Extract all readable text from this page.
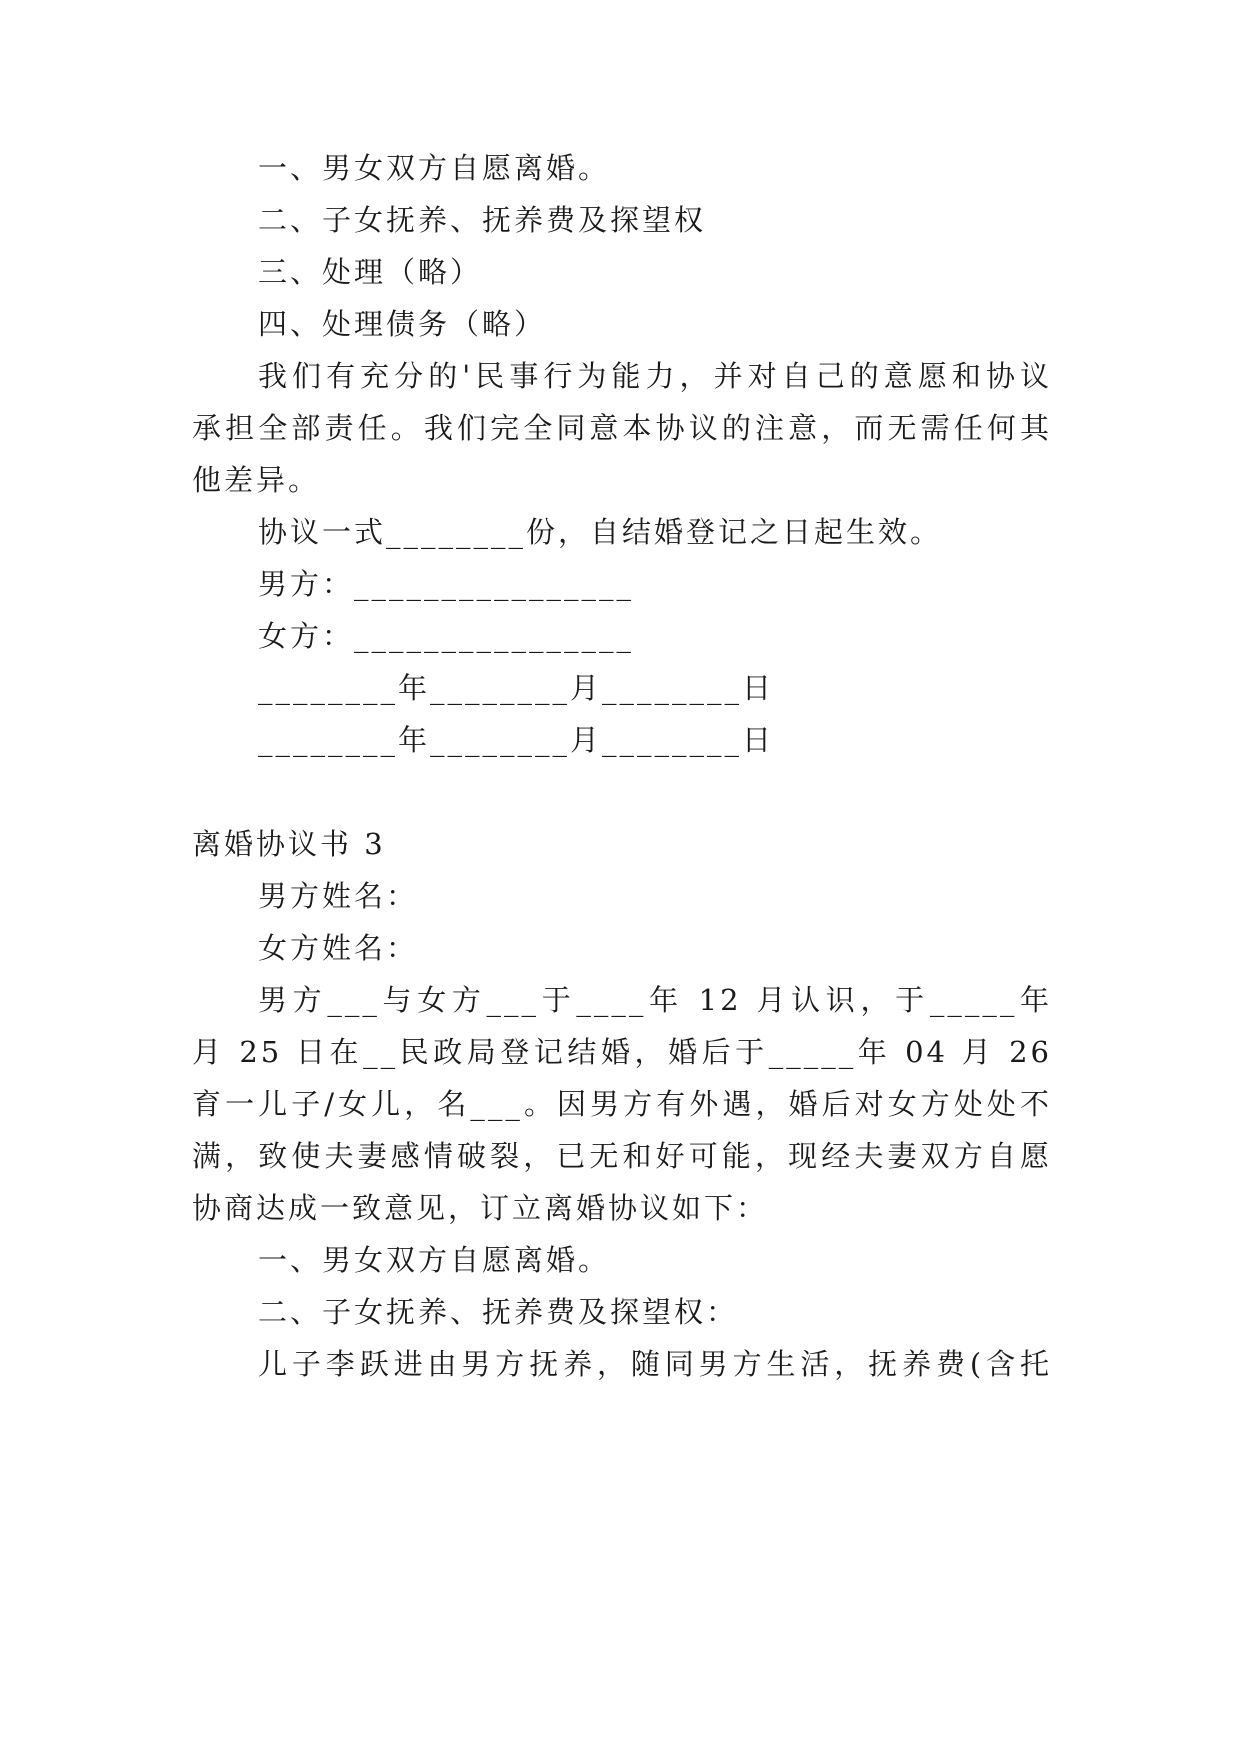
一、男女双方自愿离婚。
二、子女抚养、抚养费及探望权
三、处理（略）
四、处理债务（略）
我们有充分的'民事行为能力，并对自己的意愿和协议
承担全部责任。我们完全同意本协议的注意，而无需任何其
他差异。
协议一式________份，自结婚登记之日起生效。
男方：________________
女方：________________
________年________月________日
________年________月________日
离婚协议书 3
男方姓名：
女方姓名：
男方___与女方___于____年 12 月认识，于_____年
月 25 日在__民政局登记结婚，婚后于_____年 04 月 26
育一儿子/女儿，名___。因男方有外遇，婚后对女方处处不
满，致使夫妻感情破裂，已无和好可能，现经夫妻双方自愿
协商达成一致意见，订立离婚协议如下：
一、男女双方自愿离婚。
二、子女抚养、抚养费及探望权：
儿子李跃进由男方抚养，随同男方生活，抚养费(含托
